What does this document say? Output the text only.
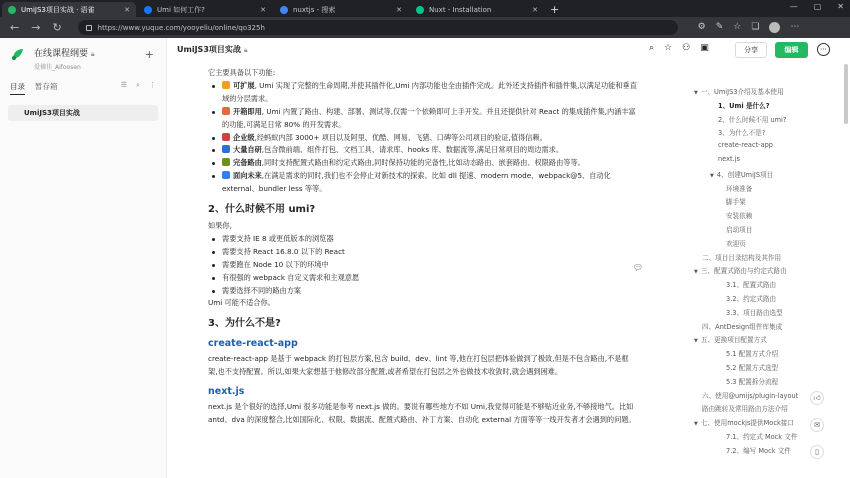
UmiJS3项目实战 · 语雀	✕	Umi 如何工作?	✕	nuxtjs - 搜索	✕	Nuxt - Installation	✕ +	— ▢ ✕
← → ↻	https://www.yuque.com/yooyeliu/online/qo325h	⚙ ✎ ☆ ❏	⋯
在线课程纲要 🔒︎
爱佛佳_Aifoosen
+
目录 暂存箱	☰ ⌕ ⋮
UmiJS3项目实战
UmiJS3项目实战 🔒︎	⌕ ☆ ⚇ ▣	分享	编辑	⋯

它主要具备以下功能:

可扩展, Umi 实现了完整的生命周期,并使其插件化,Umi 内部功能也全由插件完成。此外还支持插件和插件集,以满足功能和垂直域的分层需求。
开箱即用, Umi 内置了路由、构建、部署、测试等,仅需一个依赖即可上手开发。并且还提供针对 React 的集成插件集,内涵丰富的功能,可满足日常 80% 的开发需求。
企业级,经蚂蚁内部 3000+ 项目以及阿里、优酷、网易、飞猪、口碑等公司项目的验证,值得信赖。
大量自研,包含微前端、组件打包、文档工具、请求库、hooks 库、数据流等,满足日常项目的周边需求。
完备路由,同时支持配置式路由和约定式路由,同时保持功能的完备性,比如动态路由、嵌套路由、权限路由等等。
面向未来,在满足需求的同时,我们也不会停止对新技术的探索。比如 dll 提速、modern mode、webpack@5、自动化 external、bundler less 等等。
2、什么时候不用 umi?

如果你,

需要支持 IE 8 或更低版本的浏览器
需要支持 React 16.8.0 以下的 React
需要跑在 Node 10 以下的环境中
有很强的 webpack 自定义需求和主观意愿
需要选择不同的路由方案

Umi 可能不适合你。

3、为什么不是?
create-react-app

create-react-app 是基于 webpack 的打包层方案,包含 build、dev、lint 等,他在打包层把体验做到了极致,但是不包含路由,不是框架,也不支持配置。所以,如果大家想基于他修改部分配置,或者希望在打包层之外也做技术收敛时,就会遇到困难。

next.js

next.js 是个很好的选择,Umi 很多功能是参考 next.js 做的。要说有哪些地方不如 Umi,我觉得可能是不够贴近业务,不够接地气。比如 antd、dva 的深度整合,比如国际化、权限、数据流、配置式路由、补丁方案、自动化 external 方面等等一线开发者才会遇到的问题。

💬︎
▼ 一、UmiJS3介绍及基本使用
1、Umi 是什么?
2、什么时候不用 umi?
3、为什么不是?
create-react-app
next.js
▼ 4、创建UmiJS项目
环境准备
脚手架
安装依赖
启动项目
欢迎页
二、项目目录结构及其作用
▼ 三、配置式路由与约定式路由
3.1、配置式路由
3.2、约定式路由
3.3、项目路由选型
四、AntDesign组件库集成
▼ 五、更换项目配置方式
5.1 配置方式介绍
5.2 配置方式选型
5.3 配置拆分流程
六、使用@umijs/plugin-layout
路由跳转及常用路由方法介绍
▼ 七、使用mockjs提供Mock接口
7.1、约定式 Mock 文件
7.2、编写 Mock 文件
👍︎
✉
▯
